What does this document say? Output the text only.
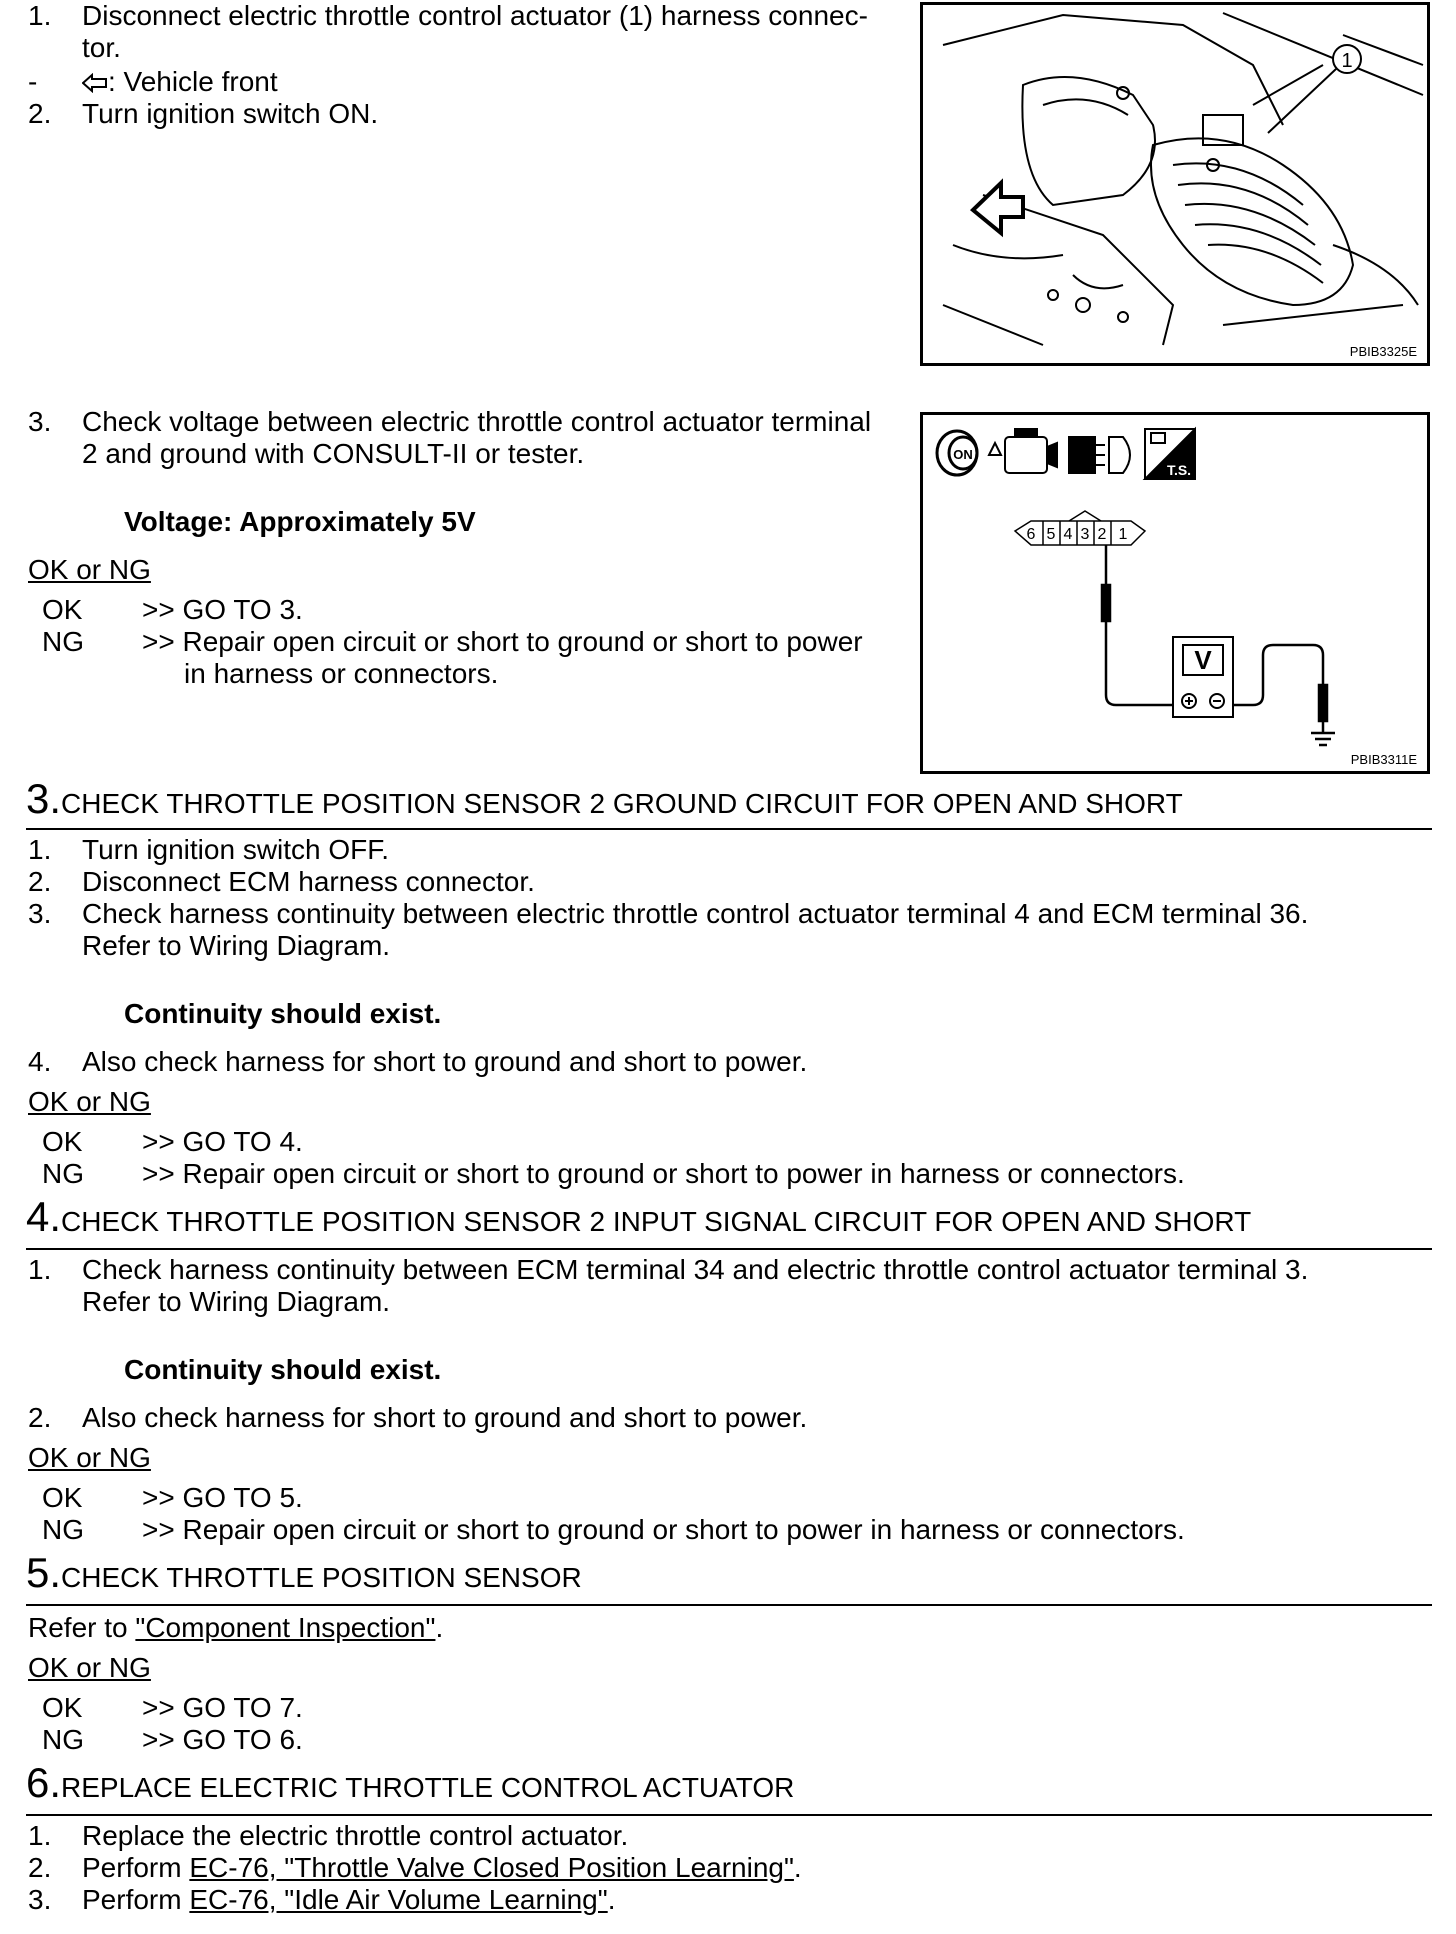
1.	Disconnect electric throttle control actuator (1) harness connec-
tor.
-	: Vehicle front
2.	Turn ignition switch ON.
3.	Check voltage between electric throttle control actuator terminal
2 and ground with CONSULT-II or tester.
Voltage: Approximately 5V
OK or NG
OK >> GO TO 3.
NG >> Repair open circuit or short to ground or short to power
in harness or connectors.
1
PBIB3325E
ON
T.S.
6 5 4 3 2 1
V
PBIB3311E
3.CHECK THROTTLE POSITION SENSOR 2 GROUND CIRCUIT FOR OPEN AND SHORT
1.	Turn ignition switch OFF.
2.	Disconnect ECM harness connector.
3.	Check harness continuity between electric throttle control actuator terminal 4 and ECM terminal 36.
Refer to Wiring Diagram.
Continuity should exist.
4.	Also check harness for short to ground and short to power.
OK or NG
OK >> GO TO 4.
NG >> Repair open circuit or short to ground or short to power in harness or connectors.
4.CHECK THROTTLE POSITION SENSOR 2 INPUT SIGNAL CIRCUIT FOR OPEN AND SHORT
1.	Check harness continuity between ECM terminal 34 and electric throttle control actuator terminal 3.
Refer to Wiring Diagram.
Continuity should exist.
2.	Also check harness for short to ground and short to power.
OK or NG
OK >> GO TO 5.
NG >> Repair open circuit or short to ground or short to power in harness or connectors.
5.CHECK THROTTLE POSITION SENSOR
Refer to "Component Inspection".
OK or NG
OK >> GO TO 7.
NG >> GO TO 6.
6.REPLACE ELECTRIC THROTTLE CONTROL ACTUATOR
1.	Replace the electric throttle control actuator.
2.	Perform EC-76, "Throttle Valve Closed Position Learning".
3.	Perform EC-76, "Idle Air Volume Learning".
